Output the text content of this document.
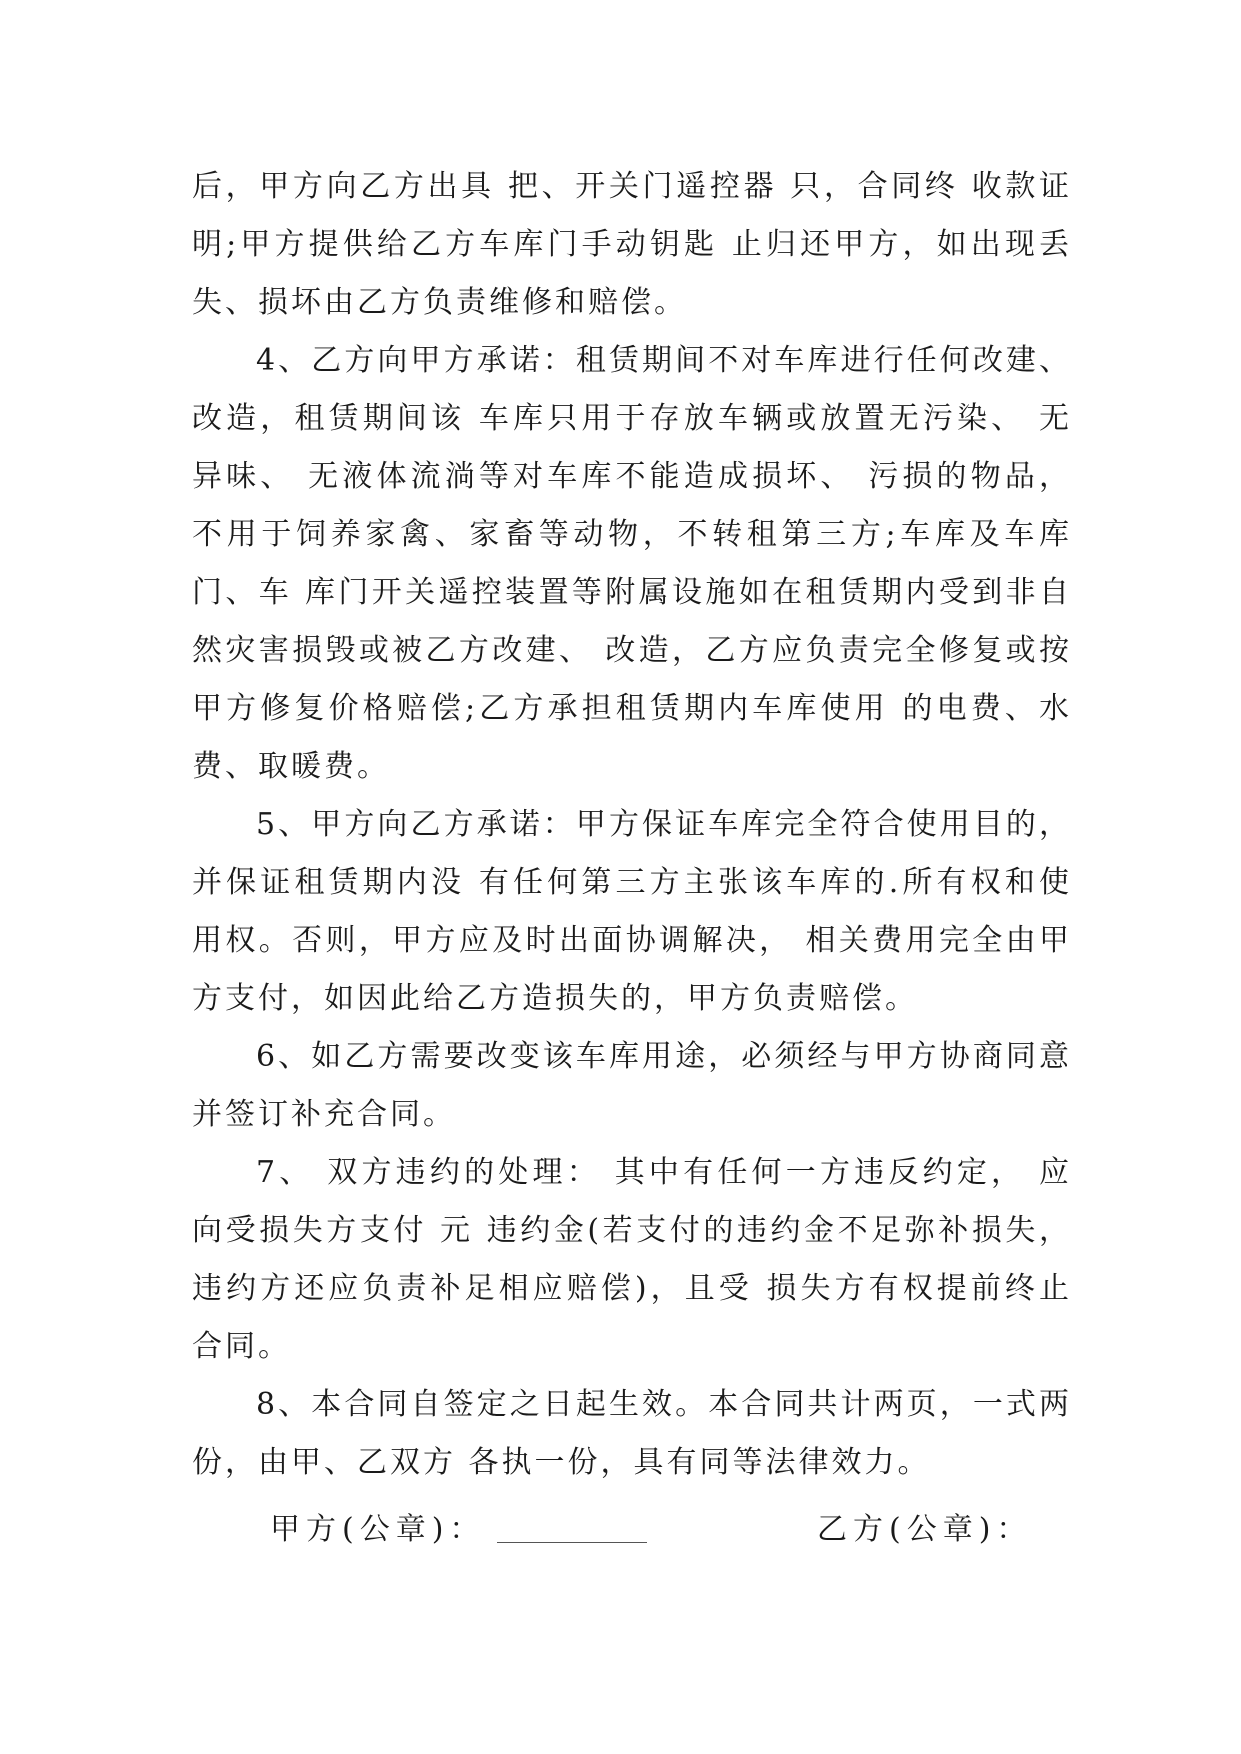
后，甲方向乙方出具 把、开关门遥控器 只，合同终 收款证明;甲方提供给乙方车库门手动钥匙 止归还甲方，如出现丢失、损坏由乙方负责维修和赔偿。

4、乙方向甲方承诺：租赁期间不对车库进行任何改建、改造，租赁期间该 车库只用于存放车辆或放置无污染、 无异味、 无液体流淌等对车库不能造成损坏、 污损的物品，不用于饲养家禽、家畜等动物，不转租第三方;车库及车库门、车 库门开关遥控装置等附属设施如在租赁期内受到非自然灾害损毁或被乙方改建、 改造，乙方应负责完全修复或按甲方修复价格赔偿;乙方承担租赁期内车库使用 的电费、水费、取暖费。

5、甲方向乙方承诺：甲方保证车库完全符合使用目的，并保证租赁期内没 有任何第三方主张该车库的.所有权和使用权。否则，甲方应及时出面协调解决， 相关费用完全由甲方支付，如因此给乙方造损失的，甲方负责赔偿。

6、如乙方需要改变该车库用途，必须经与甲方协商同意并签订补充合同。

7、 双方违约的处理： 其中有任何一方违反约定， 应向受损失方支付 元 违约金(若支付的违约金不足弥补损失，违约方还应负责补足相应赔偿)，且受 损失方有权提前终止合同。

8、本合同自签定之日起生效。本合同共计两页，一式两份，由甲、乙双方 各执一份，具有同等法律效力。

甲方(公章)：	乙方(公章)：
